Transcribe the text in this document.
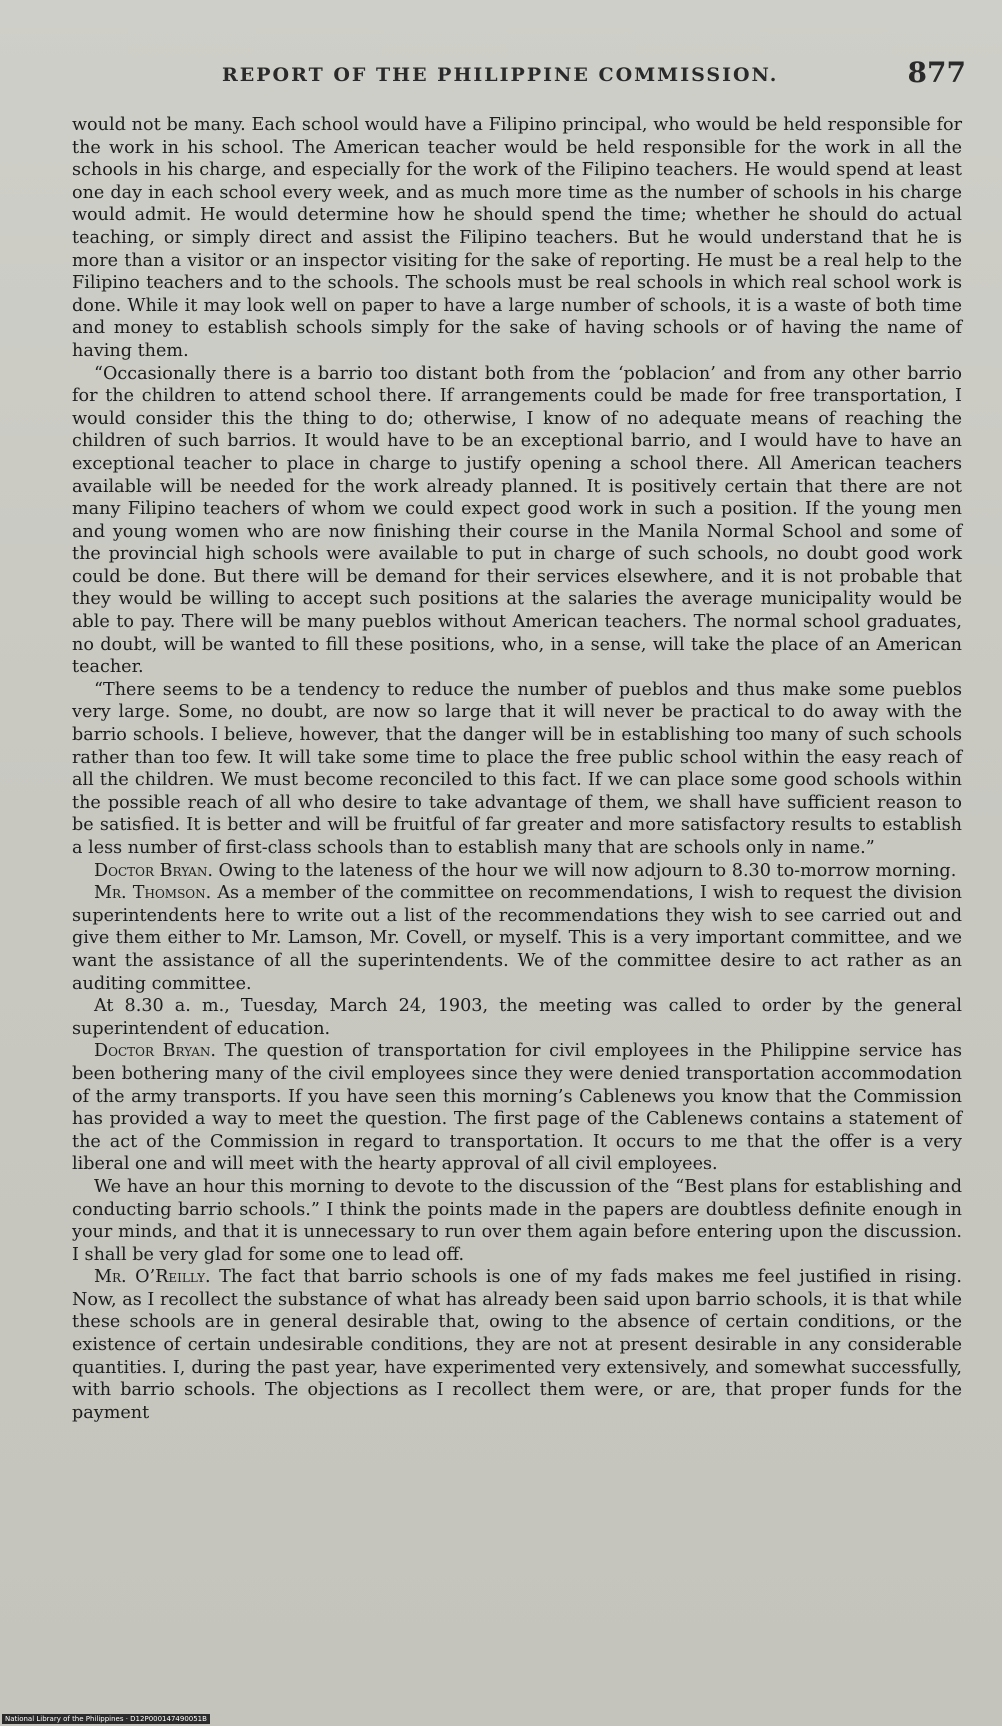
REPORT OF THE PHILIPPINE COMMISSION.	877

would not be many. Each school would have a Filipino principal, who would be held responsible for the work in his school. The American teacher would be held responsible for the work in all the schools in his charge, and especially for the work of the Filipino teachers. He would spend at least one day in each school every week, and as much more time as the number of schools in his charge would admit. He would determine how he should spend the time; whether he should do actual teaching, or simply direct and assist the Filipino teachers. But he would understand that he is more than a visitor or an inspector visiting for the sake of reporting. He must be a real help to the Filipino teachers and to the schools. The schools must be real schools in which real school work is done. While it may look well on paper to have a large number of schools, it is a waste of both time and money to establish schools simply for the sake of having schools or of having the name of having them.

“Occasionally there is a barrio too distant both from the ‘poblacion’ and from any other barrio for the children to attend school there. If arrangements could be made for free transportation, I would consider this the thing to do; otherwise, I know of no adequate means of reaching the children of such barrios. It would have to be an exceptional barrio, and I would have to have an exceptional teacher to place in charge to justify opening a school there. All American teachers available will be needed for the work already planned. It is positively certain that there are not many Filipino teachers of whom we could expect good work in such a position. If the young men and young women who are now finishing their course in the Manila Normal School and some of the provincial high schools were available to put in charge of such schools, no doubt good work could be done. But there will be demand for their services elsewhere, and it is not probable that they would be willing to accept such positions at the salaries the average municipality would be able to pay. There will be many pueblos without American teachers. The normal school graduates, no doubt, will be wanted to fill these positions, who, in a sense, will take the place of an American teacher.

“There seems to be a tendency to reduce the number of pueblos and thus make some pueblos very large. Some, no doubt, are now so large that it will never be practical to do away with the barrio schools. I believe, however, that the danger will be in establishing too many of such schools rather than too few. It will take some time to place the free public school within the easy reach of all the children. We must become reconciled to this fact. If we can place some good schools within the possible reach of all who desire to take advantage of them, we shall have sufficient reason to be satisfied. It is better and will be fruitful of far greater and more satisfactory results to establish a less number of first-class schools than to establish many that are schools only in name.”

Doctor Bryan. Owing to the lateness of the hour we will now adjourn to 8.30 to-morrow morning.

Mr. Thomson. As a member of the committee on recommendations, I wish to request the division superintendents here to write out a list of the recommendations they wish to see carried out and give them either to Mr. Lamson, Mr. Covell, or myself. This is a very important committee, and we want the assistance of all the superintendents. We of the committee desire to act rather as an auditing committee.

At 8.30 a. m., Tuesday, March 24, 1903, the meeting was called to order by the general superintendent of education.

Doctor Bryan. The question of transportation for civil employees in the Philippine service has been bothering many of the civil employees since they were denied transportation accommodation of the army transports. If you have seen this morning’s Cablenews you know that the Commission has provided a way to meet the question. The first page of the Cablenews contains a statement of the act of the Commission in regard to transportation. It occurs to me that the offer is a very liberal one and will meet with the hearty approval of all civil employees.

We have an hour this morning to devote to the discussion of the “Best plans for establishing and conducting barrio schools.” I think the points made in the papers are doubtless definite enough in your minds, and that it is unnecessary to run over them again before entering upon the discussion. I shall be very glad for some one to lead off.

Mr. O’Reilly. The fact that barrio schools is one of my fads makes me feel justified in rising. Now, as I recollect the substance of what has already been said upon barrio schools, it is that while these schools are in general desirable that, owing to the absence of certain conditions, or the existence of certain undesirable conditions, they are not at present desirable in any considerable quantities. I, during the past year, have experimented very extensively, and somewhat successfully, with barrio schools. The objections as I recollect them were, or are, that proper funds for the payment

National Library of the Philippines · D12P000147490051B
